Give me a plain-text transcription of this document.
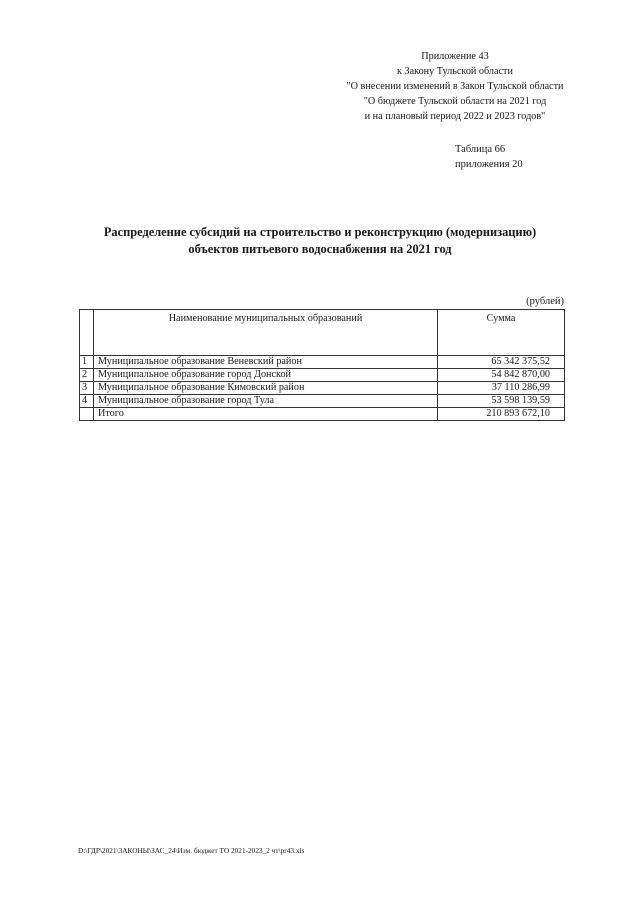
Приложение 43
к Закону Тульской области
"О внесении изменений в Закон Тульской области
"О бюджете Тульской области на 2021 год
и на плановый период 2022 и 2023 годов"
Таблица 66
приложения 20
Распределение субсидий на строительство и реконструкцию (модернизацию)
объектов питьевого водоснабжения на 2021 год
(рублей)
	Наименование муниципальных образований	Сумма
1	Муниципальное образование Веневский район	65 342 375,52
2	Муниципальное образование город Донской	54 842 870,00
3	Муниципальное образование Кимовский район	37 110 286,99
4	Муниципальное образование город Тула	53 598 139,59
	Итого	210 893 672,10
D:\ГДР\2021\ЗАКОНЫ\ЗАС_24\Изм. бюджет ТО 2021-2023_2 чт\pr43.xls
